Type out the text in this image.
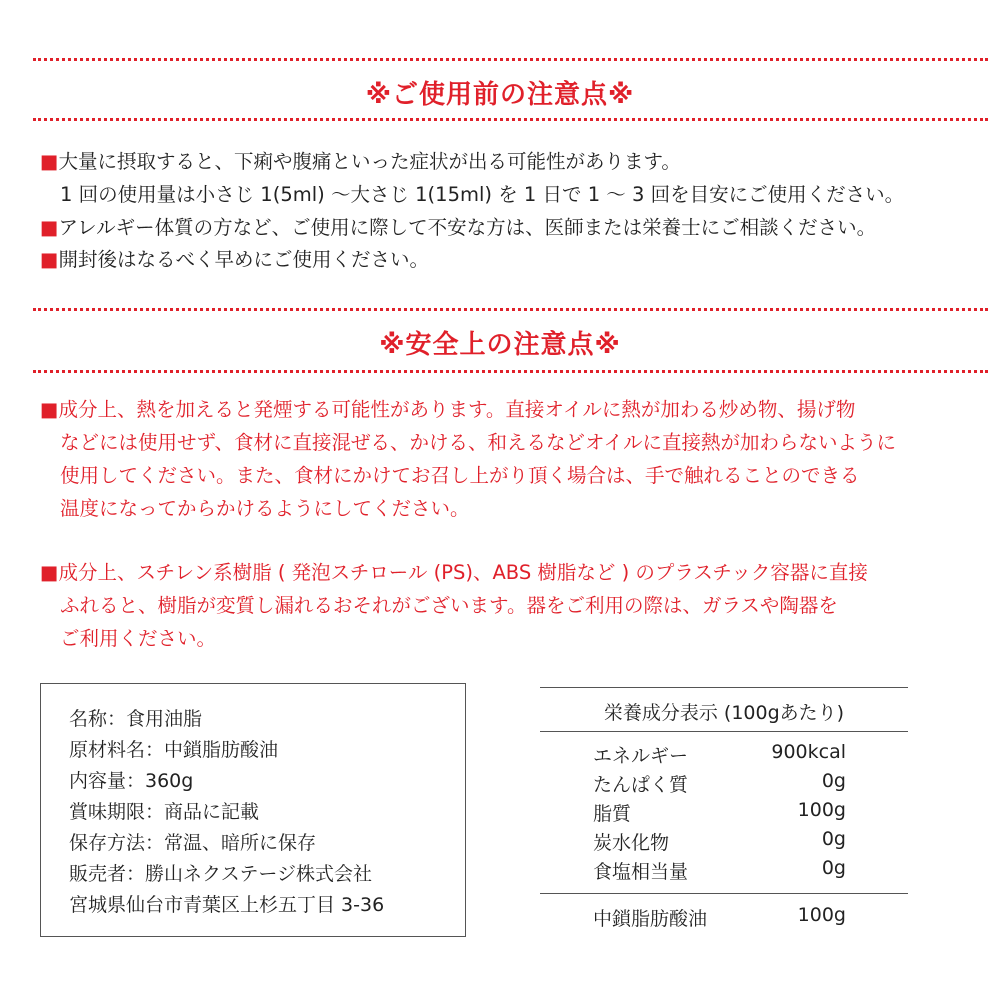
※ご使用前の注意点※
■大量に摂取すると、下痢や腹痛といった症状が出る可能性があります。
1 回の使用量は小さじ 1(5ml) 〜大さじ 1(15ml) を 1 日で 1 〜 3 回を目安にご使用ください。
■アレルギー体質の方など、ご使用に際して不安な方は、医師または栄養士にご相談ください。
■開封後はなるべく早めにご使用ください。
※安全上の注意点※
■成分上、熱を加えると発煙する可能性があります。直接オイルに熱が加わる炒め物、揚げ物
などには使用せず、食材に直接混ぜる、かける、和えるなどオイルに直接熱が加わらないように
使用してください。また、食材にかけてお召し上がり頂く場合は、手で触れることのできる
温度になってからかけるようにしてください。
■成分上、スチレン系樹脂 ( 発泡スチロール (PS)、ABS 樹脂など ) のプラスチック容器に直接
ふれると、樹脂が変質し漏れるおそれがございます。器をご利用の際は、ガラスや陶器を
ご利用ください。
名称：食用油脂
原材料名：中鎖脂肪酸油
内容量：360g
賞味期限：商品に記載
保存方法：常温、暗所に保存
販売者：勝山ネクステージ株式会社
宮城県仙台市青葉区上杉五丁目 3-36
栄養成分表示 (100gあたり)
エネルギー	900kcal
たんぱく質	0g
脂質	100g
炭水化物	0g
食塩相当量	0g
中鎖脂肪酸油	100g
